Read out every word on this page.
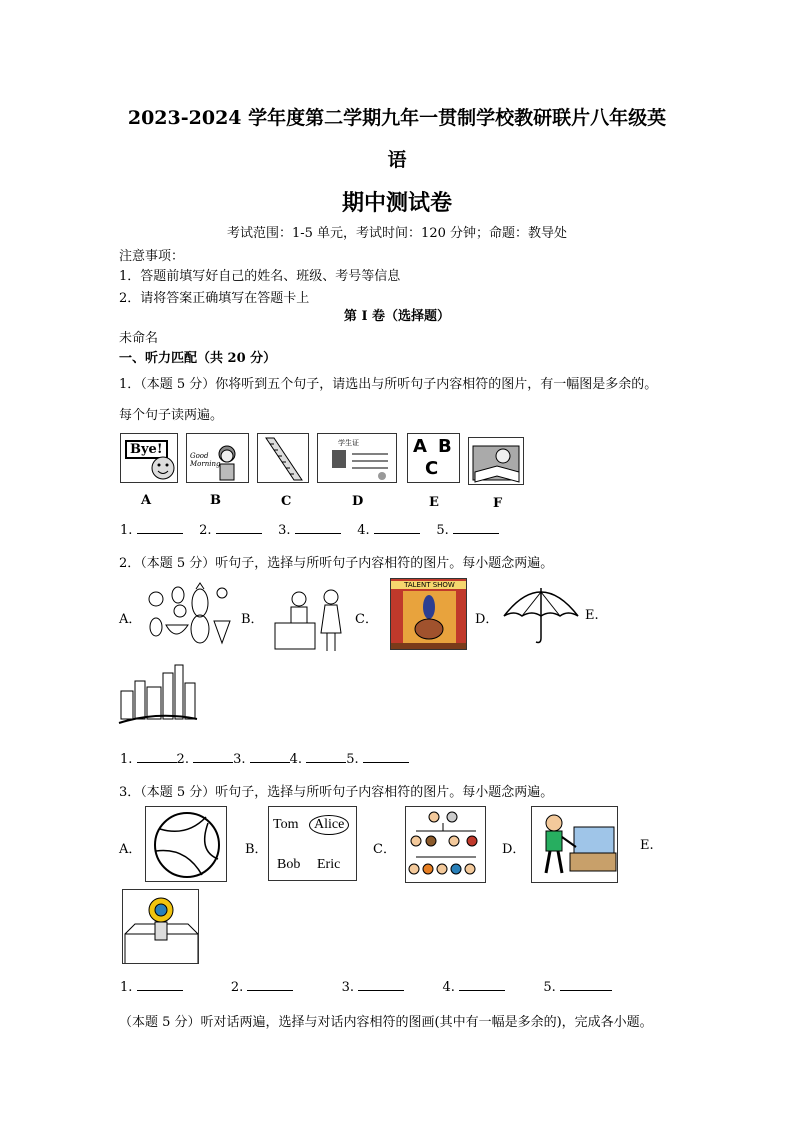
2023-2024 学年度第二学期九年一贯制学校教研联片八年级英
语
期中测试卷
考试范围：1-5 单元，考试时间：120 分钟；命题：教导处
注意事项：
1．答题前填写好自己的姓名、班级、考号等信息
2．请将答案正确填写在答题卡上
第 I 卷（选择题）
未命名
一、听力匹配（共 20 分）
1．（本题 5 分）你将听到五个句子，请选出与所听句子内容相符的图片，有一幅图是多余的。
每个句子读两遍。
Bye!	Good Morning
学生证	A B
C
A	B	C	D	E	F
1.	2.	3.	4.	5.
2．（本题 5 分）听句子，选择与所听句子内容相符的图片。每小题念两遍。
A．	B．	C．
TALENT SHOW
D．	E.
1.	2.	3.	4.	5.
3．（本题 5 分）听句子，选择与所听句子内容相符的图片。每小题念两遍。
A．	B．
Tom	Alice
Bob Eric
C．	D．	E.
1.	2.	3.	4.	5.
（本题 5 分）听对话两遍，选择与对话内容相符的图画(其中有一幅是多余的)，完成各小题。
